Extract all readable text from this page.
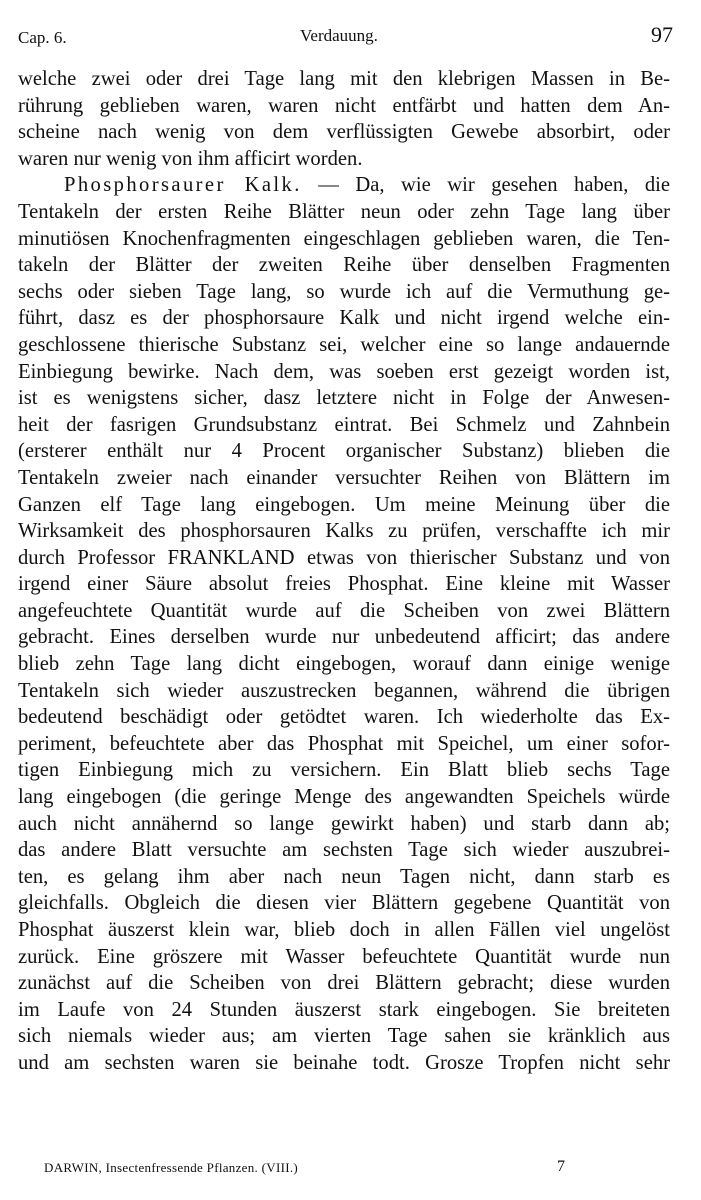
Cap. 6.	Verdauung.	97
welche zwei oder drei Tage lang mit den klebrigen Massen in Be-
rührung geblieben waren, waren nicht entfärbt und hatten dem An-
scheine nach wenig von dem verflüssigten Gewebe absorbirt, oder
waren nur wenig von ihm afficirt worden.
Phosphorsaurer Kalk. — Da, wie wir gesehen haben, die
Tentakeln der ersten Reihe Blätter neun oder zehn Tage lang über
minutiösen Knochenfragmenten eingeschlagen geblieben waren, die Ten-
takeln der Blätter der zweiten Reihe über denselben Fragmenten
sechs oder sieben Tage lang, so wurde ich auf die Vermuthung ge-
führt, dasz es der phosphorsaure Kalk und nicht irgend welche ein-
geschlossene thierische Substanz sei, welcher eine so lange andauernde
Einbiegung bewirke. Nach dem, was soeben erst gezeigt worden ist,
ist es wenigstens sicher, dasz letztere nicht in Folge der Anwesen-
heit der fasrigen Grundsubstanz eintrat. Bei Schmelz und Zahnbein
(ersterer enthält nur 4 Procent organischer Substanz) blieben die
Tentakeln zweier nach einander versuchter Reihen von Blättern im
Ganzen elf Tage lang eingebogen. Um meine Meinung über die
Wirksamkeit des phosphorsauren Kalks zu prüfen, verschaffte ich mir
durch Professor FRANKLAND etwas von thierischer Substanz und von
irgend einer Säure absolut freies Phosphat. Eine kleine mit Wasser
angefeuchtete Quantität wurde auf die Scheiben von zwei Blättern
gebracht. Eines derselben wurde nur unbedeutend afficirt; das andere
blieb zehn Tage lang dicht eingebogen, worauf dann einige wenige
Tentakeln sich wieder auszustrecken begannen, während die übrigen
bedeutend beschädigt oder getödtet waren. Ich wiederholte das Ex-
periment, befeuchtete aber das Phosphat mit Speichel, um einer sofor-
tigen Einbiegung mich zu versichern. Ein Blatt blieb sechs Tage
lang eingebogen (die geringe Menge des angewandten Speichels würde
auch nicht annähernd so lange gewirkt haben) und starb dann ab;
das andere Blatt versuchte am sechsten Tage sich wieder auszubrei-
ten, es gelang ihm aber nach neun Tagen nicht, dann starb es
gleichfalls. Obgleich die diesen vier Blättern gegebene Quantität von
Phosphat äuszerst klein war, blieb doch in allen Fällen viel ungelöst
zurück. Eine gröszere mit Wasser befeuchtete Quantität wurde nun
zunächst auf die Scheiben von drei Blättern gebracht; diese wurden
im Laufe von 24 Stunden äuszerst stark eingebogen. Sie breiteten
sich niemals wieder aus; am vierten Tage sahen sie kränklich aus
und am sechsten waren sie beinahe todt. Grosze Tropfen nicht sehr
DARWIN, Insectenfressende Pflanzen. (VIII.)	7
